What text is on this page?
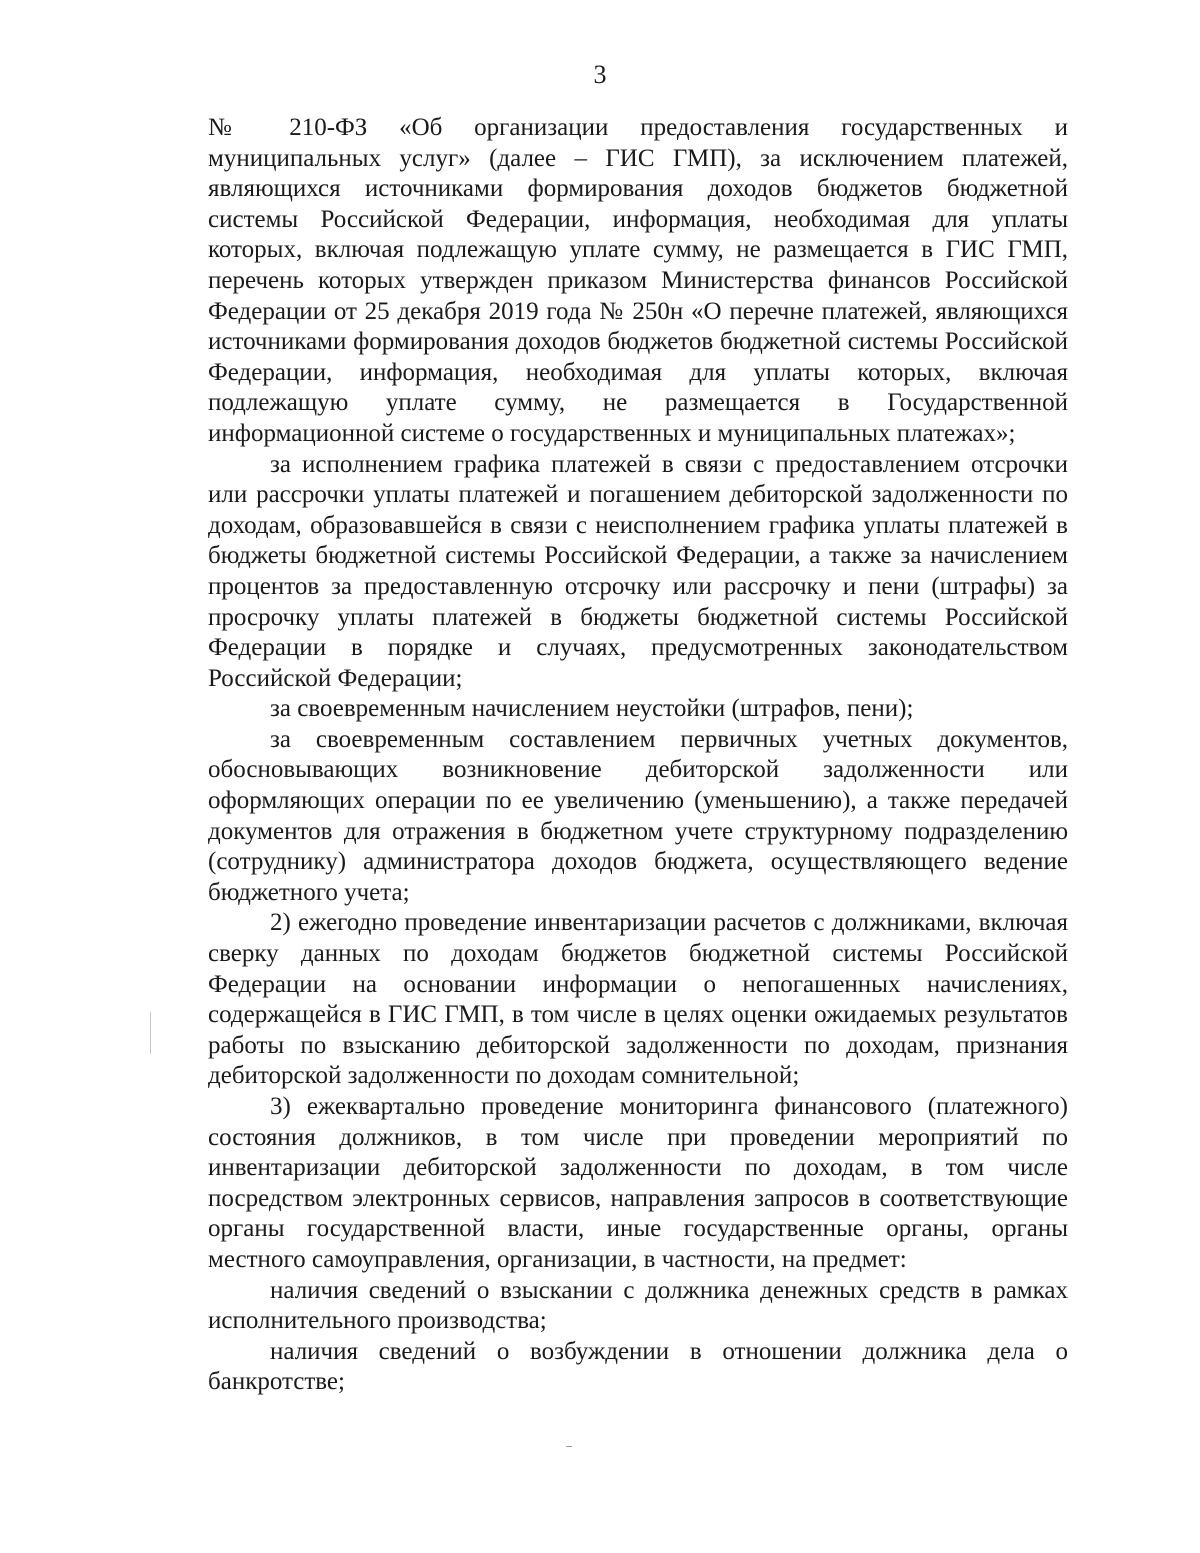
3

№ 210-ФЗ «Об организации предоставления государственных и муниципальных услуг» (далее – ГИС ГМП), за исключением платежей, являющихся источниками формирования доходов бюджетов бюджетной системы Российской Федерации, информация, необходимая для уплаты которых, включая подлежащую уплате сумму, не размещается в ГИС ГМП, перечень которых утвержден приказом Министерства финансов Российской Федерации от 25 декабря 2019 года № 250н «О перечне платежей, являющихся источниками формирования доходов бюджетов бюджетной системы Российской Федерации, информация, необходимая для уплаты которых, включая подлежащую уплате сумму, не размещается в Государственной информационной системе о государственных и муниципальных платежах»;

за исполнением графика платежей в связи с предоставлением отсрочки или рассрочки уплаты платежей и погашением дебиторской задолженности по доходам, образовавшейся в связи с неисполнением графика уплаты платежей в бюджеты бюджетной системы Российской Федерации, а также за начислением процентов за предоставленную отсрочку или рассрочку и пени (штрафы) за просрочку уплаты платежей в бюджеты бюджетной системы Российской Федерации в порядке и случаях, предусмотренных законодательством Российской Федерации;

за своевременным начислением неустойки (штрафов, пени);

за своевременным составлением первичных учетных документов, обосновывающих возникновение дебиторской задолженности или оформляющих операции по ее увеличению (уменьшению), а также передачей документов для отражения в бюджетном учете структурному подразделению (сотруднику) администратора доходов бюджета, осуществляющего ведение бюджетного учета;

2) ежегодно проведение инвентаризации расчетов с должниками, включая сверку данных по доходам бюджетов бюджетной системы Российской Федерации на основании информации о непогашенных начислениях, содержащейся в ГИС ГМП, в том числе в целях оценки ожидаемых результатов работы по взысканию дебиторской задолженности по доходам, признания дебиторской задолженности по доходам сомнительной;

3) ежеквартально проведение мониторинга финансового (платежного) состояния должников, в том числе при проведении мероприятий по инвентаризации дебиторской задолженности по доходам, в том числе посредством электронных сервисов, направления запросов в соответствующие органы государственной власти, иные государственные органы, органы местного самоуправления, организации, в частности, на предмет:

наличия сведений о взыскании с должника денежных средств в рамках исполнительного производства;

наличия сведений о возбуждении в отношении должника дела о банкротстве;
